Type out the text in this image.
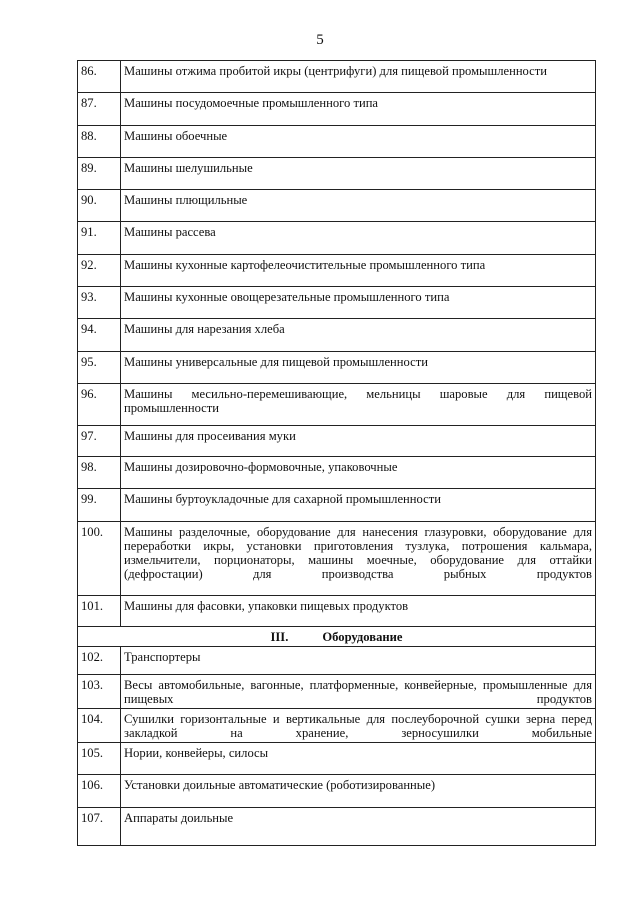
5
86.	Машины отжима пробитой икры (центрифуги) для пищевой промышленности
87.	Машины посудомоечные промышленного типа
88.	Машины обоечные
89.	Машины шелушильные
90.	Машины плющильные
91.	Машины рассева
92.	Машины кухонные картофелеочистительные промышленного типа
93.	Машины кухонные овощерезательные промышленного типа
94.	Машины для нарезания хлеба
95.	Машины универсальные для пищевой промышленности
96.	Машины месильно-перемешивающие, мельницы шаровые для пищевой промышленности
97.	Машины для просеивания муки
98.	Машины дозировочно-формовочные, упаковочные
99.	Машины буртоукладочные для сахарной промышленности
100.	Машины разделочные, оборудование для нанесения глазуровки, оборудование для переработки икры, установки приготовления тузлука, потрошения кальмара, измельчители, порционаторы, машины моечные, оборудование для оттайки (дефростации) для производства рыбных продуктов
101.	Машины для фасовки, упаковки пищевых продуктов
III. Оборудование	
102.	Транспортеры
103.	Весы автомобильные, вагонные, платформенные, конвейерные, промышленные для пищевых продуктов
104.	Сушилки горизонтальные и вертикальные для послеуборочной сушки зерна перед закладкой на хранение, зерносушилки мобильные
105.	Нории, конвейеры, силосы
106.	Установки доильные автоматические (роботизированные)
107.	Аппараты доильные
